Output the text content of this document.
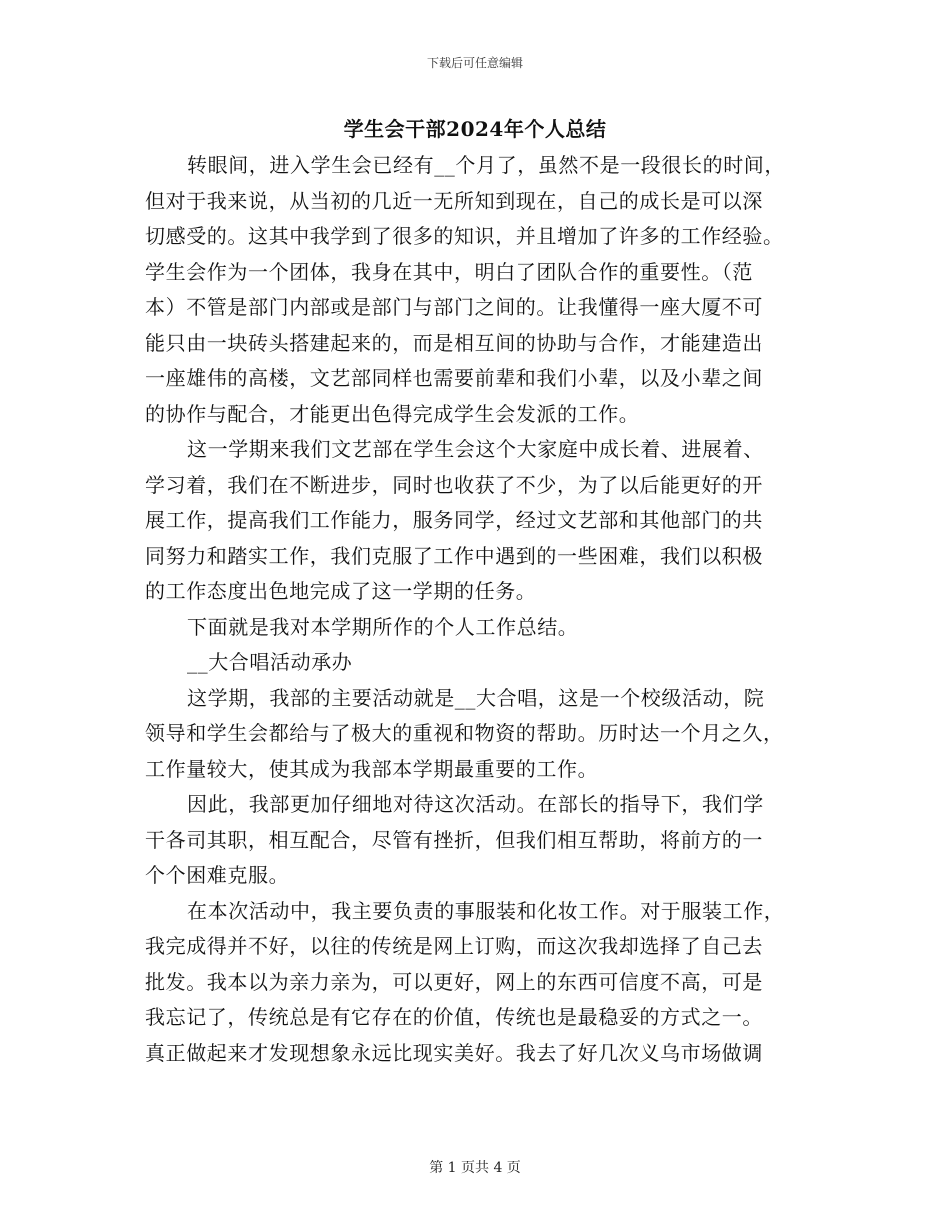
下载后可任意编辑
学生会干部2024年个人总结
转眼间，进入学生会已经有__个月了，虽然不是一段很长的时间，
但对于我来说，从当初的几近一无所知到现在，自己的成长是可以深
切感受的。这其中我学到了很多的知识，并且增加了许多的工作经验。
学生会作为一个团体，我身在其中，明白了团队合作的重要性。（范
本）不管是部门内部或是部门与部门之间的。让我懂得一座大厦不可
能只由一块砖头搭建起来的，而是相互间的协助与合作，才能建造出
一座雄伟的高楼，文艺部同样也需要前辈和我们小辈，以及小辈之间
的协作与配合，才能更出色得完成学生会发派的工作。
这一学期来我们文艺部在学生会这个大家庭中成长着、进展着、
学习着，我们在不断进步，同时也收获了不少，为了以后能更好的开
展工作，提高我们工作能力，服务同学，经过文艺部和其他部门的共
同努力和踏实工作，我们克服了工作中遇到的一些困难，我们以积极
的工作态度出色地完成了这一学期的任务。
下面就是我对本学期所作的个人工作总结。
__大合唱活动承办
这学期，我部的主要活动就是__大合唱，这是一个校级活动，院
领导和学生会都给与了极大的重视和物资的帮助。历时达一个月之久，
工作量较大，使其成为我部本学期最重要的工作。
因此，我部更加仔细地对待这次活动。在部长的指导下，我们学
干各司其职，相互配合，尽管有挫折，但我们相互帮助，将前方的一
个个困难克服。
在本次活动中，我主要负责的事服装和化妆工作。对于服装工作，
我完成得并不好，以往的传统是网上订购，而这次我却选择了自己去
批发。我本以为亲力亲为，可以更好，网上的东西可信度不高，可是
我忘记了，传统总是有它存在的价值，传统也是最稳妥的方式之一。
真正做起来才发现想象永远比现实美好。我去了好几次义乌市场做调
第 1 页共 4 页
